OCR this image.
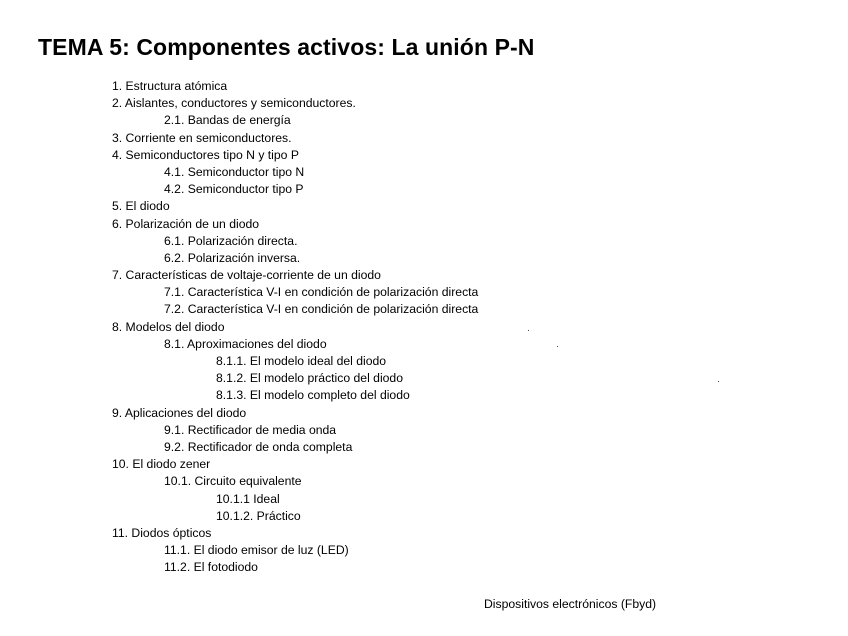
TEMA 5: Componentes activos: La unión P-N
1. Estructura atómica
2. Aislantes, conductores y semiconductores.
2.1. Bandas de energía
3. Corriente en semiconductores.
4. Semiconductores tipo N y tipo P
4.1. Semiconductor tipo N
4.2. Semiconductor tipo P
5. El diodo
6. Polarización de un diodo
6.1. Polarización directa.
6.2. Polarización inversa.
7. Características de voltaje-corriente de un diodo
7.1. Característica V-I en condición de polarización directa
7.2. Característica V-I en condición de polarización directa
8. Modelos del diodo
8.1. Aproximaciones del diodo
8.1.1. El modelo ideal del diodo
8.1.2. El modelo práctico del diodo
8.1.3. El modelo completo del diodo
9. Aplicaciones del diodo
9.1. Rectificador de media onda
9.2. Rectificador de onda completa
10. El diodo zener
10.1. Circuito equivalente
10.1.1 Ideal
10.1.2. Práctico
11. Diodos ópticos
11.1. El diodo emisor de luz (LED)
11.2. El fotodiodo
Dispositivos electrónicos (Fbyd)
